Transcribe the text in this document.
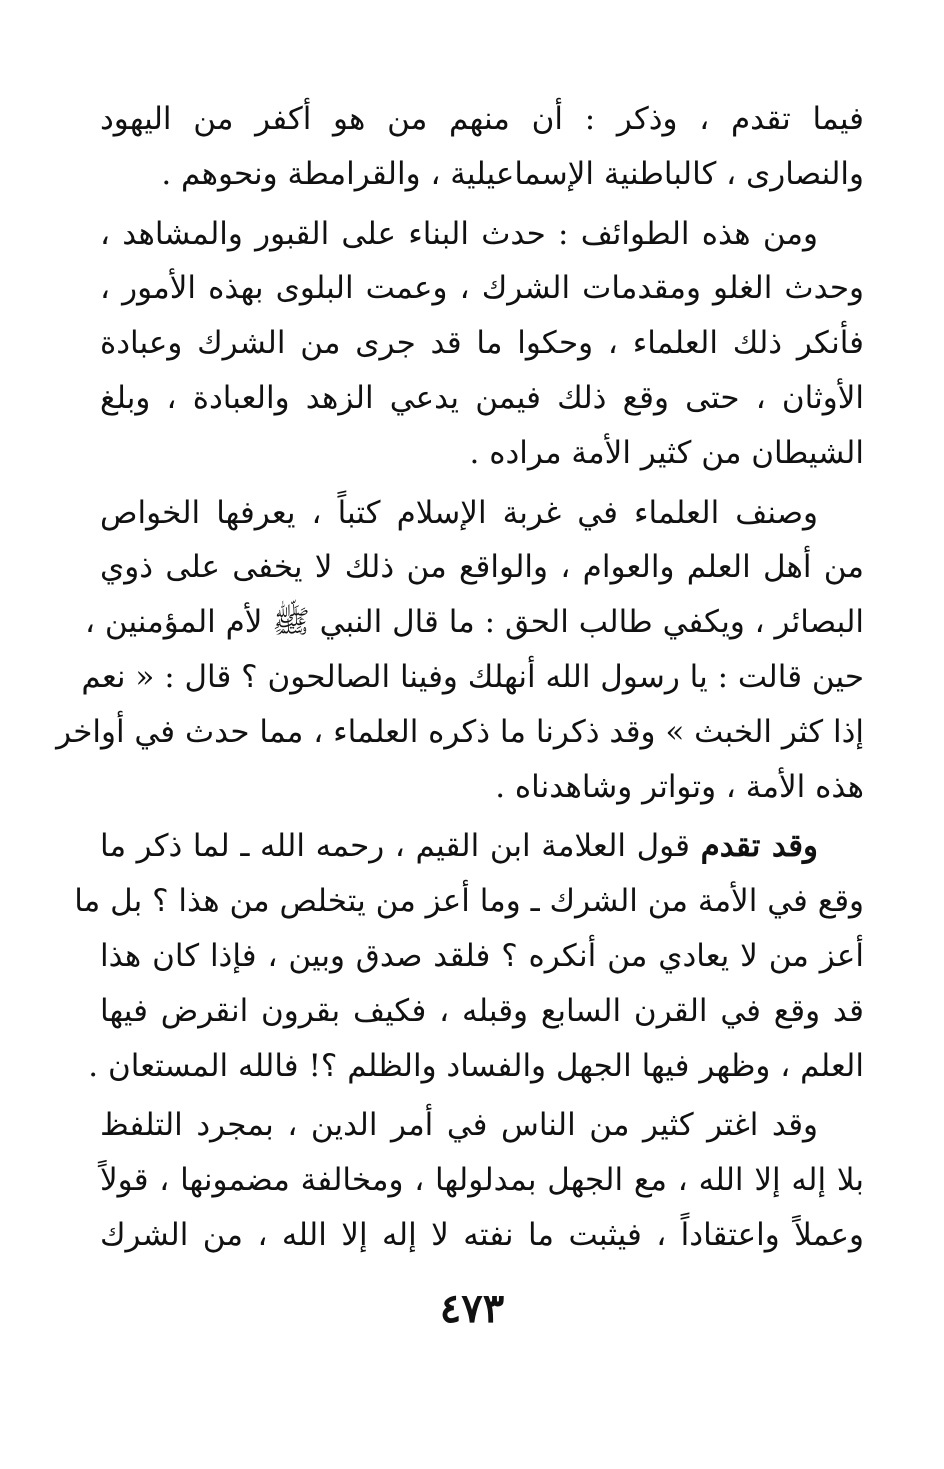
فيما تقدم ، وذكر : أن منهم من هو أكفر من اليهود
والنصارى ، كالباطنية الإسماعيلية ، والقرامطة ونحوهم .

ومن هذه الطوائف : حدث البناء على القبور والمشاهد ،
وحدث الغلو ومقدمات الشرك ، وعمت البلوى بهذه الأمور ،
فأنكر ذلك العلماء ، وحكوا ما قد جرى من الشرك وعبادة
الأوثان ، حتى وقع ذلك فيمن يدعي الزهد والعبادة ، وبلغ
الشيطان من كثير الأمة مراده .

وصنف العلماء في غربة الإسلام كتباً ، يعرفها الخواص
من أهل العلم والعوام ، والواقع من ذلك لا يخفى على ذوي
البصائر ، ويكفي طالب الحق : ما قال النبي ﷺ لأم المؤمنين ،
حين قالت : يا رسول الله أنهلك وفينا الصالحون ؟ قال : « نعم
إذا كثر الخبث » وقد ذكرنا ما ذكره العلماء ، مما حدث في أواخر
هذه الأمة ، وتواتر وشاهدناه .

وقد تقدم قول العلامة ابن القيم ، رحمه الله ـ لما ذكر ما
وقع في الأمة من الشرك ـ وما أعز من يتخلص من هذا ؟ بل ما
أعز من لا يعادي من أنكره ؟ فلقد صدق وبين ، فإذا كان هذا
قد وقع في القرن السابع وقبله ، فكيف بقرون انقرض فيها
العلم ، وظهر فيها الجهل والفساد والظلم ؟! فالله المستعان .

وقد اغتر كثير من الناس في أمر الدين ، بمجرد التلفظ
بلا إله إلا الله ، مع الجهل بمدلولها ، ومخالفة مضمونها ، قولاً
وعملاً واعتقاداً ، فيثبت ما نفته لا إله إلا الله ، من الشرك

٤٧٣
